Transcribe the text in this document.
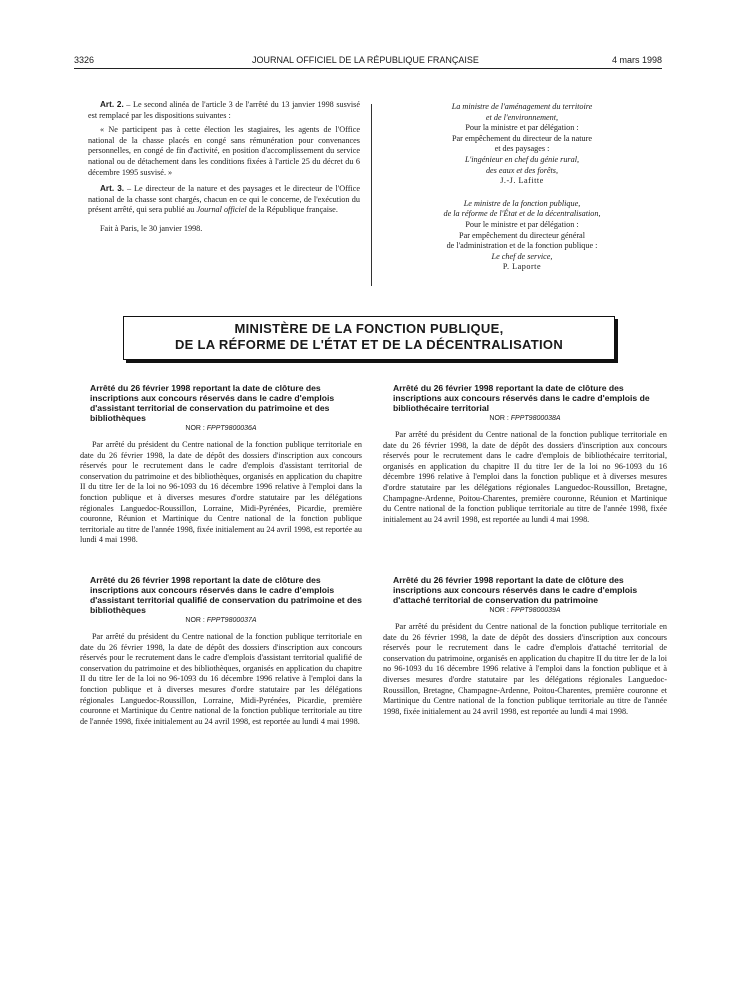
3326	JOURNAL OFFICIEL DE LA RÉPUBLIQUE FRANÇAISE	4 mars 1998

Art. 2. – Le second alinéa de l'article 3 de l'arrêté du 13 janvier 1998 susvisé est remplacé par les dispositions suivantes :

« Ne participent pas à cette élection les stagiaires, les agents de l'Office national de la chasse placés en congé sans rémunération pour convenances personnelles, en congé de fin d'activité, en position d'accomplissement du service national ou de détachement dans les conditions fixées à l'article 25 du décret du 6 décembre 1995 susvisé. »

Art. 3. – Le directeur de la nature et des paysages et le directeur de l'Office national de la chasse sont chargés, chacun en ce qui le concerne, de l'exécution du présent arrêté, qui sera publié au Journal officiel de la République française.

Fait à Paris, le 30 janvier 1998.

La ministre de l'aménagement du territoire

et de l'environnement,

Pour la ministre et par délégation :

Par empêchement du directeur de la nature

et des paysages :

L'ingénieur en chef du génie rural,

des eaux et des forêts,

J.-J. Lafitte

Le ministre de la fonction publique,

de la réforme de l'État et de la décentralisation,

Pour le ministre et par délégation :

Par empêchement du directeur général

de l'administration et de la fonction publique :

Le chef de service,

P. Laporte

MINISTÈRE DE LA FONCTION PUBLIQUE,
DE LA RÉFORME DE L'ÉTAT ET DE LA DÉCENTRALISATION

Arrêté du 26 février 1998 reportant la date de clôture des inscriptions aux concours réservés dans le cadre d'emplois d'assistant territorial de conservation du patrimoine et des bibliothèques

NOR : FPPT9800036A

Par arrêté du président du Centre national de la fonction publique territoriale en date du 26 février 1998, la date de dépôt des dossiers d'inscription aux concours réservés pour le recrutement dans le cadre d'emplois d'assistant territorial de conservation du patrimoine et des bibliothèques, organisés en application du chapitre II du titre Ier de la loi no 96-1093 du 16 décembre 1996 relative à l'emploi dans la fonction publique et à diverses mesures d'ordre statutaire par les délégations régionales Languedoc-Roussillon, Lorraine, Midi-Pyrénées, Picardie, première couronne, Réunion et Martinique du Centre national de la fonction publique territoriale au titre de l'année 1998, fixée initialement au 24 avril 1998, est reportée au lundi 4 mai 1998.

Arrêté du 26 février 1998 reportant la date de clôture des inscriptions aux concours réservés dans le cadre d'emplois d'assistant territorial qualifié de conservation du patrimoine et des bibliothèques

NOR : FPPT9800037A

Par arrêté du président du Centre national de la fonction publique territoriale en date du 26 février 1998, la date de dépôt des dossiers d'inscription aux concours réservés pour le recrutement dans le cadre d'emplois d'assistant territorial qualifié de conservation du patrimoine et des bibliothèques, organisés en application du chapitre II du titre Ier de la loi no 96-1093 du 16 décembre 1996 relative à l'emploi dans la fonction publique et à diverses mesures d'ordre statutaire par les délégations régionales Languedoc-Roussillon, Lorraine, Midi-Pyrénées, Picardie, première couronne et Martinique du Centre national de la fonction publique territoriale au titre de l'année 1998, fixée initialement au 24 avril 1998, est reportée au lundi 4 mai 1998.

Arrêté du 26 février 1998 reportant la date de clôture des inscriptions aux concours réservés dans le cadre d'emplois de bibliothécaire territorial

NOR : FPPT9800038A

Par arrêté du président du Centre national de la fonction publique territoriale en date du 26 février 1998, la date de dépôt des dossiers d'inscription aux concours réservés pour le recrutement dans le cadre d'emplois de bibliothécaire territorial, organisés en application du chapitre II du titre Ier de la loi no 96-1093 du 16 décembre 1996 relative à l'emploi dans la fonction publique et à diverses mesures d'ordre statutaire par les délégations régionales Languedoc-Roussillon, Bretagne, Champagne-Ardenne, Poitou-Charentes, première couronne, Réunion et Martinique du Centre national de la fonction publique territoriale au titre de l'année 1998, fixée initialement au 24 avril 1998, est reportée au lundi 4 mai 1998.

Arrêté du 26 février 1998 reportant la date de clôture des inscriptions aux concours réservés dans le cadre d'emplois d'attaché territorial de conservation du patrimoine

NOR : FPPT9800039A

Par arrêté du président du Centre national de la fonction publique territoriale en date du 26 février 1998, la date de dépôt des dossiers d'inscription aux concours réservés pour le recrutement dans le cadre d'emplois d'attaché territorial de conservation du patrimoine, organisés en application du chapitre II du titre Ier de la loi no 96-1093 du 16 décembre 1996 relative à l'emploi dans la fonction publique et à diverses mesures d'ordre statutaire par les délégations régionales Languedoc-Roussillon, Bretagne, Champagne-Ardenne, Poitou-Charentes, première couronne et Martinique du Centre national de la fonction publique territoriale au titre de l'année 1998, fixée initialement au 24 avril 1998, est reportée au lundi 4 mai 1998.
